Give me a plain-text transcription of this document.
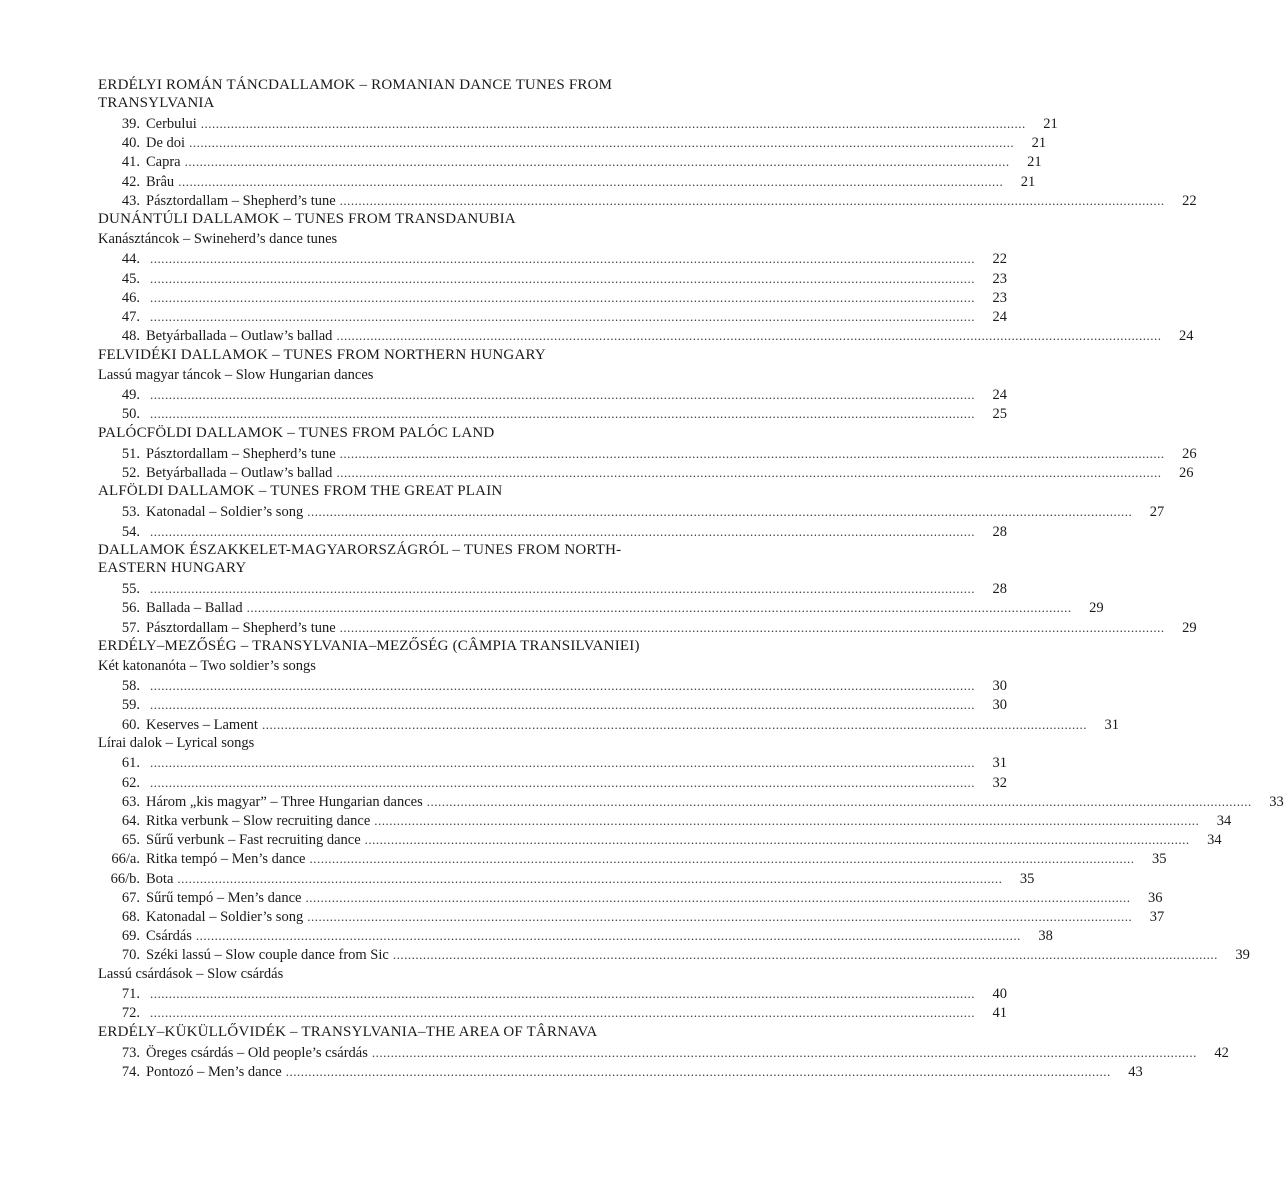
ERDÉLYI ROMÁN TÁNCDALLAMOK – ROMANIAN DANCE TUNES FROM
TRANSYLVANIA
39. Cerbului ............................................................................................................................................................................................................................	21
40. De doi ............................................................................................................................................................................................................................	21
41. Capra ............................................................................................................................................................................................................................	21
42. Brâu ............................................................................................................................................................................................................................	21
43. Pásztordallam – Shepherd’s tune ............................................................................................................................................................................................................................	22
DUNÁNTÚLI DALLAMOK – TUNES FROM TRANSDANUBIA
Kanásztáncok – Swineherd’s dance tunes
44. ............................................................................................................................................................................................................................	22
45. ............................................................................................................................................................................................................................	23
46. ............................................................................................................................................................................................................................	23
47. ............................................................................................................................................................................................................................	24
48. Betyárballada – Outlaw’s ballad ............................................................................................................................................................................................................................	24
FELVIDÉKI DALLAMOK – TUNES FROM NORTHERN HUNGARY
Lassú magyar táncok – Slow Hungarian dances
49. ............................................................................................................................................................................................................................	24
50. ............................................................................................................................................................................................................................	25
PALÓCFÖLDI DALLAMOK – TUNES FROM PALÓC LAND
51. Pásztordallam – Shepherd’s tune ............................................................................................................................................................................................................................	26
52. Betyárballada – Outlaw’s ballad ............................................................................................................................................................................................................................	26
ALFÖLDI DALLAMOK – TUNES FROM THE GREAT PLAIN
53. Katonadal – Soldier’s song ............................................................................................................................................................................................................................	27
54. ............................................................................................................................................................................................................................	28
DALLAMOK ÉSZAKKELET-MAGYARORSZÁGRÓL – TUNES FROM NORTH-
EASTERN HUNGARY
55. ............................................................................................................................................................................................................................	28
56. Ballada – Ballad ............................................................................................................................................................................................................................	29
57. Pásztordallam – Shepherd’s tune ............................................................................................................................................................................................................................	29
ERDÉLY–MEZŐSÉG – TRANSYLVANIA–MEZŐSÉG (CÂMPIA TRANSILVANIEI)
Két katonanóta – Two soldier’s songs
58. ............................................................................................................................................................................................................................	30
59. ............................................................................................................................................................................................................................	30
60. Keserves – Lament ............................................................................................................................................................................................................................	31
Lírai dalok – Lyrical songs
61. ............................................................................................................................................................................................................................	31
62. ............................................................................................................................................................................................................................	32
63. Három „kis magyar” – Three Hungarian dances ............................................................................................................................................................................................................................	33
64. Ritka verbunk – Slow recruiting dance ............................................................................................................................................................................................................................	34
65. Sűrű verbunk – Fast recruiting dance ............................................................................................................................................................................................................................	34
66/a. Ritka tempó – Men’s dance ............................................................................................................................................................................................................................	35
66/b. Bota ............................................................................................................................................................................................................................	35
67. Sűrű tempó – Men’s dance ............................................................................................................................................................................................................................	36
68. Katonadal – Soldier’s song ............................................................................................................................................................................................................................	37
69. Csárdás ............................................................................................................................................................................................................................	38
70. Széki lassú – Slow couple dance from Sic ............................................................................................................................................................................................................................	39
Lassú csárdások – Slow csárdás
71. ............................................................................................................................................................................................................................	40
72. ............................................................................................................................................................................................................................	41
ERDÉLY–KÜKÜLLŐVIDÉK – TRANSYLVANIA–THE AREA OF TÂRNAVA
73. Öreges csárdás – Old people’s csárdás ............................................................................................................................................................................................................................	42
74. Pontozó – Men’s dance ............................................................................................................................................................................................................................	43
